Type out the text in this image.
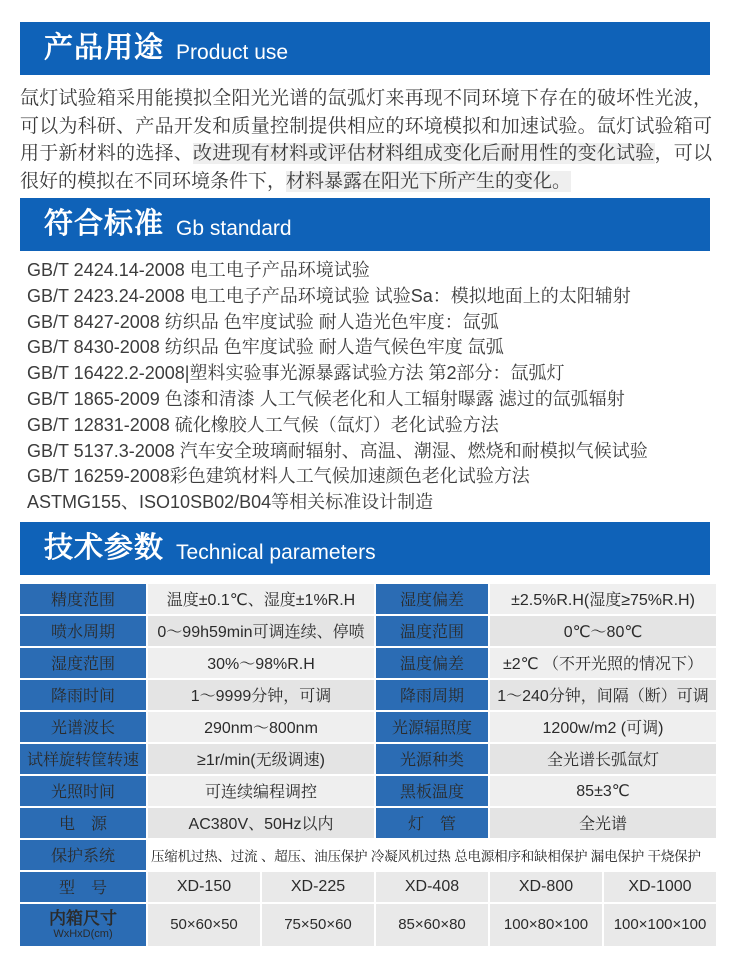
产品用途 Product use

氙灯试验箱采用能摸拟全阳光光谱的氙弧灯来再现不同环境下存在的破坏性光波，可以为科研、产品开发和质量控制提供相应的环境模拟和加速试验。氙灯试验箱可用于新材料的选择、改进现有材料或评估材料组成变化后耐用性的变化试验，可以很好的模拟在不同环境条件下，材料暴露在阳光下所产生的变化。

符合标准 Gb standard
GB/T 2424.14-2008 电工电子产品环境试验
GB/T 2423.24-2008 电工电子产品环境试验 试验Sa：模拟地面上的太阳辅射
GB/T 8427-2008 纺织品 色牢度试验 耐人造光色牢度：氙弧
GB/T 8430-2008 纺织品 色牢度试验 耐人造气候色牢度 氙弧
GB/T 16422.2-2008|塑料实验事光源暴露试验方法 第2部分：氙弧灯
GB/T 1865-2009 色漆和清漆 人工气候老化和人工辐射曝露 滤过的氙弧辐射
GB/T 12831-2008 硫化橡胶人工气候（氙灯）老化试验方法
GB/T 5137.3-2008 汽车安全玻璃耐辐射、高温、潮湿、燃烧和耐模拟气候试验
GB/T 16259-2008彩色建筑材料人工气候加速颜色老化试验方法
ASTMG155、ISO10SB02/B04等相关标准设计制造
技术参数 Technical parameters
精度范围	温度±0.1℃、湿度±1%R.H		湿度偏差	±2.5%R.H(湿度≥75%R.H)	
喷水周期	0～99h59min可调连续、停喷		温度范围	0℃～80℃	
湿度范围	30%～98%R.H		温度偏差	±2℃ （不开光照的情况下）	
降雨时间	1～9999分钟，可调		降雨周期	1～240分钟，间隔（断）可调	
光谱波长	290nm～800nm		光源辐照度	1200w/m2 (可调)	
试样旋转筐转速	≥1r/min(无级调速)		光源种类	全光谱长弧氙灯	
光照时间	可连续编程调控		黑板温度	85±3℃	
电　源	AC380V、50Hz以内		灯　管	全光谱	
保护系统	压缩机过热、过流 、超压、油压保护 冷凝风机过热 总电源相序和缺相保护 漏电保护 干烧保护				
型　号	XD-150	XD-225	XD-408	XD-800	XD-1000

内箱尺寸
WxHxD(cm)	50×60×50	75×50×60	85×60×80	100×80×100	100×100×100
